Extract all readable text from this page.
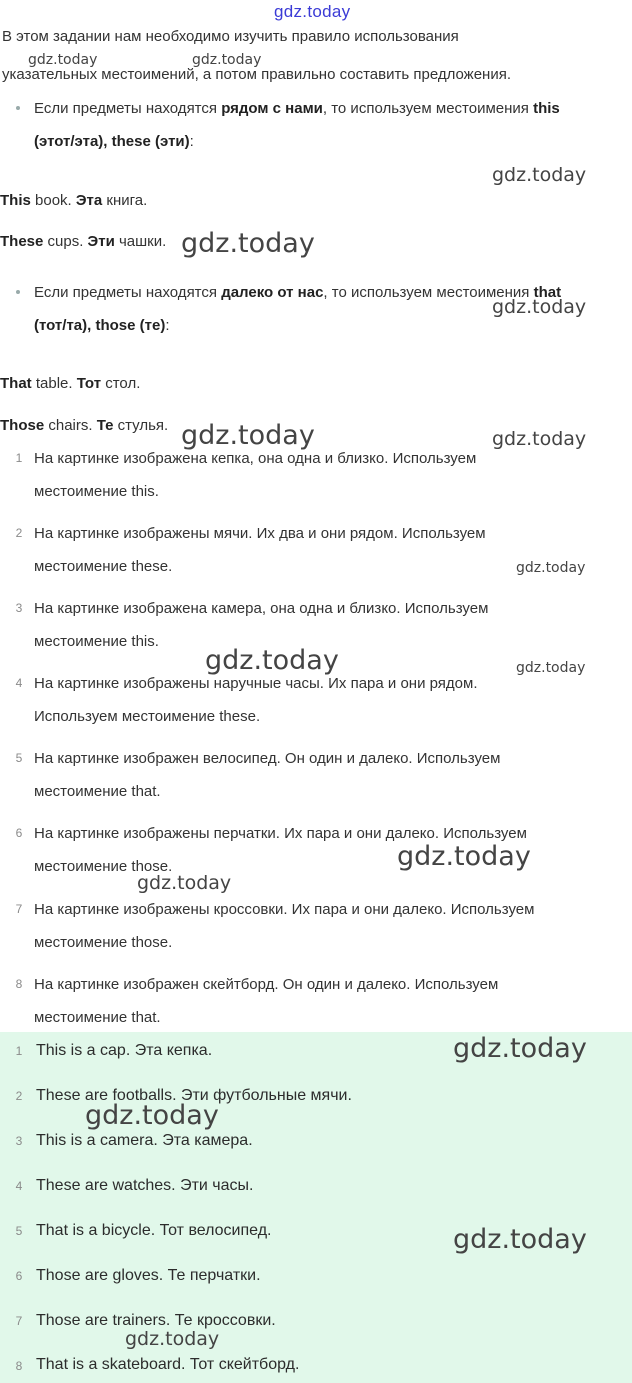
gdz.today
В этом задании нам необходимо изучить правило использования
указательных местоимений, а потом правильно составить предложения.
Если предметы находятся рядом с нами, то используем местоимения this
(этот/эта), these (эти):
This book. Эта книга.
These cups. Эти чашки.
Если предметы находятся далеко от нас, то используем местоимения that
(тот/та), those (те):
That table. Тот стол.
Those chairs. Те стулья.
1 На картинке изображена кепка, она одна и близко. Используем
местоимение this.
2 На картинке изображены мячи. Их два и они рядом. Используем
местоимение these.
3 На картинке изображена камера, она одна и близко. Используем
местоимение this.
4 На картинке изображены наручные часы. Их пара и они рядом.
Используем местоимение these.
5 На картинке изображен велосипед. Он один и далеко. Используем
местоимение that.
6 На картинке изображены перчатки. Их пара и они далеко. Используем
местоимение those.
7 На картинке изображены кроссовки. Их пара и они далеко. Используем
местоимение those.
8 На картинке изображен скейтборд. Он один и далеко. Используем
местоимение that.
1 This is a cap. Эта кепка.
2 These are footballs. Эти футбольные мячи.
3 This is a camera. Эта камера.
4 These are watches. Эти часы.
5 That is a bicycle. Тот велосипед.
6 Those are gloves. Те перчатки.
7 Those are trainers. Те кроссовки.
8 That is a skateboard. Тот скейтборд.
gdz.today	gdz.today
gdz.today
gdz.today
gdz.today
gdz.today	gdz.today
gdz.today
gdz.today	gdz.today
gdz.today
gdz.today
gdz.today
gdz.today
gdz.today
gdz.today
